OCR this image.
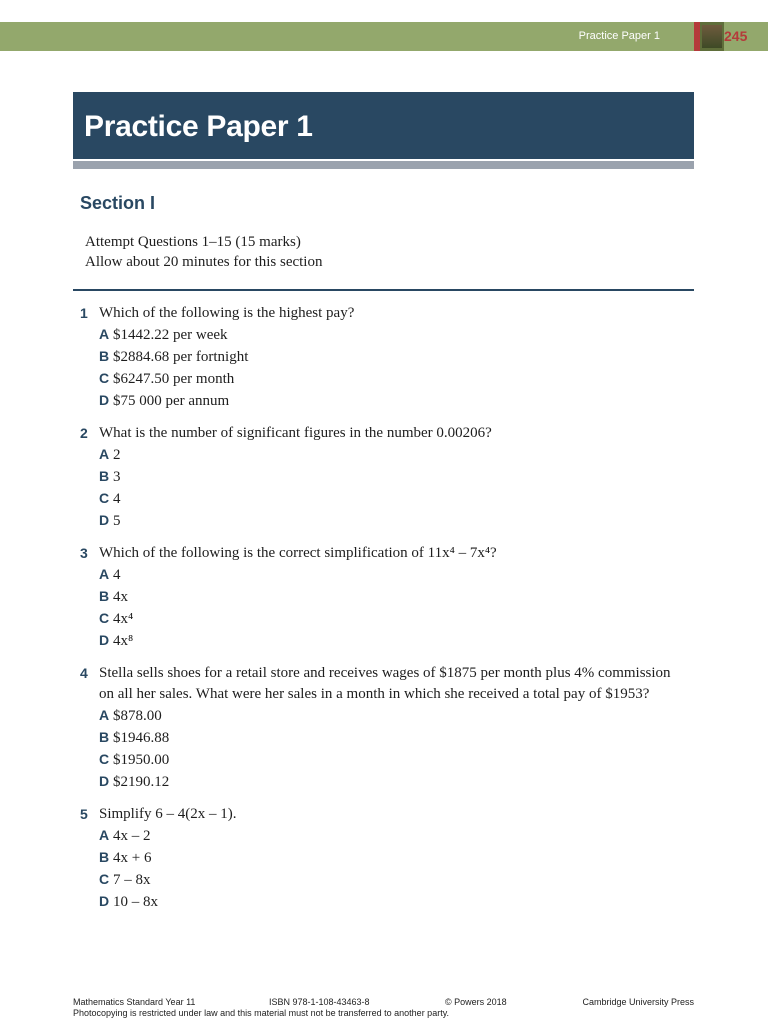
Practice Paper 1	245
Practice Paper 1
Section I
Attempt Questions 1–15 (15 marks)
Allow about 20 minutes for this section
1 Which of the following is the highest pay?
A $1442.22 per week
B $2884.68 per fortnight
C $6247.50 per month
D $75 000 per annum
2 What is the number of significant figures in the number 0.00206?
A 2
B 3
C 4
D 5
3 Which of the following is the correct simplification of 11x⁴ – 7x⁴?
A 4
B 4x
C 4x⁴
D 4x⁸
4 Stella sells shoes for a retail store and receives wages of $1875 per month plus 4% commission
on all her sales. What were her sales in a month in which she received a total pay of $1953?
A $878.00
B $1946.88
C $1950.00
D $2190.12
5 Simplify 6 – 4(2x – 1).
A 4x – 2
B 4x + 6
C 7 – 8x
D 10 – 8x
Mathematics Standard Year 11	ISBN 978-1-108-43463-8	© Powers 2018	Cambridge University Press
Photocopying is restricted under law and this material must not be transferred to another party.
